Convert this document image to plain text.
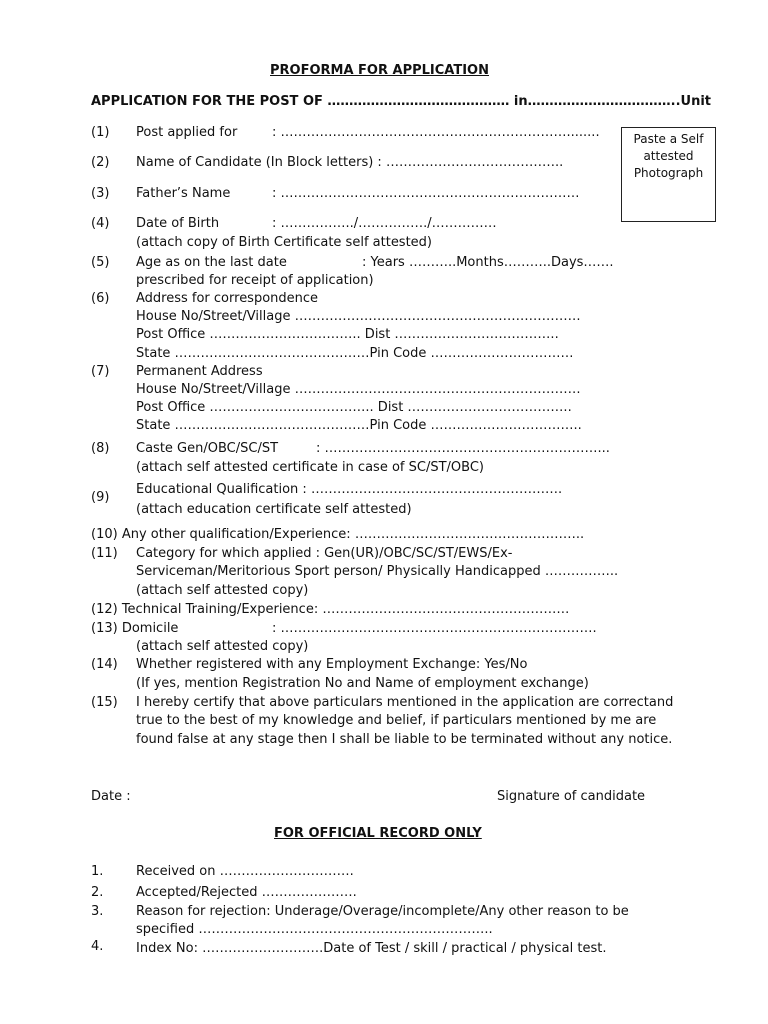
PROFORMA FOR APPLICATION
APPLICATION FOR THE POST OF …………………………………… in……………………………..Unit
Paste a Self
attested
Photograph
(1) Post applied for	: …………………………………………………………........
(2) Name of Candidate (In Block letters) : …………………………………..
(3) Father’s Name	: ……………………………………………………………
(4) Date of Birth	: ……………../……………./……………
(attach copy of Birth Certificate self attested)
(5) Age as on the last date	: Years ………..Months………..Days…….
prescribed for receipt of application)
(6) Address for correspondence
House No/Street/Village …………………………………………………………
Post Office …………………………….. Dist ………………………………..
State ………………………………………Pin Code ……………………………
(7) Permanent Address
House No/Street/Village …………………………………………………………
Post Office ……………………………….. Dist ………………………………..
State ………………………………………Pin Code ……………………………..
(8) Caste Gen/OBC/SC/ST	: ………………………………………………………...
(attach self attested certificate in case of SC/ST/OBC)
(9)
Educational Qualification : ………………………………………………….
(attach education certificate self attested)
(10) Any other qualification/Experience: ……………………………………………..
(11) Category for which applied : Gen(UR)/OBC/SC/ST/EWS/Ex-
Serviceman/Meritorious Sport person/ Physically Handicapped ……………..
(attach self attested copy)
(12) Technical Training/Experience: …………………………………………………
(13) Domicile	: ……………………………………………………………….
(attach self attested copy)
(14) Whether registered with any Employment Exchange: Yes/No
(If yes, mention Registration No and Name of employment exchange)
(15) I hereby certify that above particulars mentioned in the application are correctand
true to the best of my knowledge and belief, if particulars mentioned by me are
found false at any stage then I shall be liable to be terminated without any notice.
Date :	Signature of candidate
FOR OFFICIAL RECORD ONLY
1.	Received on ………………………….
2.	Accepted/Rejected ………………….
3.	Reason for rejection: Underage/Overage/incomplete/Any other reason to be
specified …………………………………………………………..
4.	Index No: ……………………….Date of Test / skill / practical / physical test.
